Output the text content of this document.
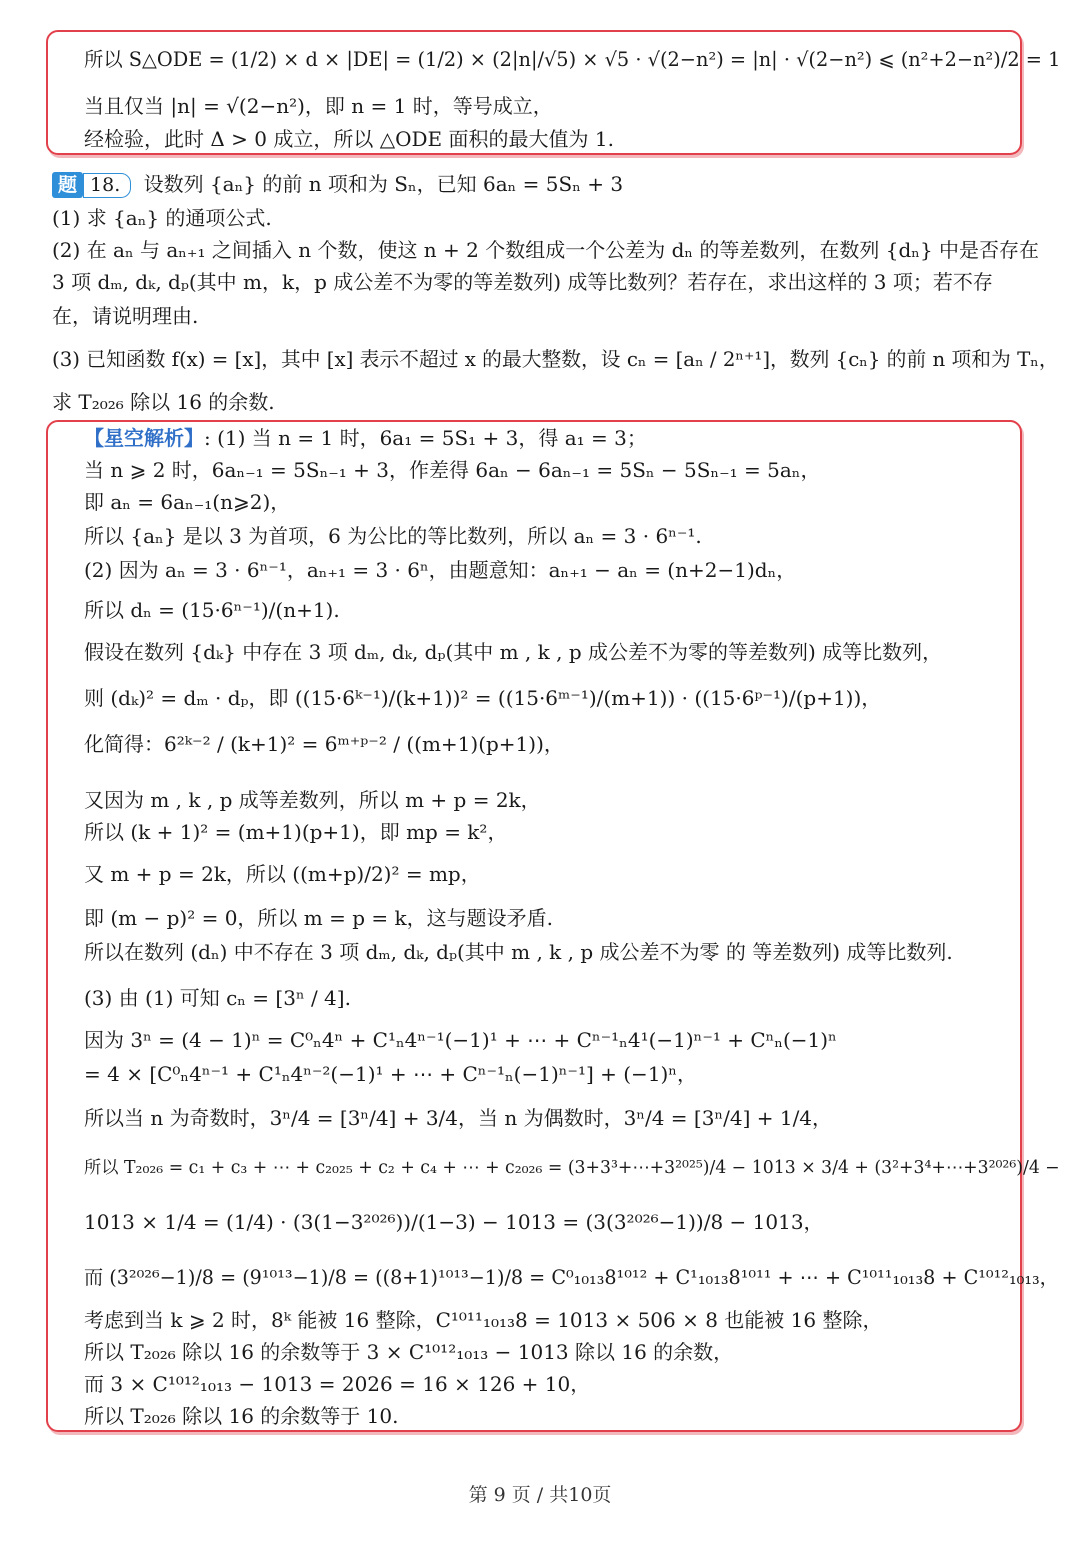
所以 S△ODE = (1/2) × d × |DE| = (1/2) × (2|n|/√5) × √5 · √(2−n²) = |n| · √(2−n²) ⩽ (n²+2−n²)/2 = 1
当且仅当 |n| = √(2−n²)，即 n = 1 时，等号成立，
经检验，此时 Δ > 0 成立，所以 △ODE 面积的最大值为 1.
题 18. 设数列 {aₙ} 的前 n 项和为 Sₙ，已知 6aₙ = 5Sₙ + 3
(1) 求 {aₙ} 的通项公式.
(2) 在 aₙ 与 aₙ₊₁ 之间插入 n 个数，使这 n + 2 个数组成一个公差为 dₙ 的等差数列，在数列 {dₙ} 中是否存在
3 项 dₘ, dₖ, dₚ(其中 m，k，p 成公差不为零的等差数列) 成等比数列？若存在，求出这样的 3 项；若不存
在，请说明理由.
(3) 已知函数 f(x) = [x]，其中 [x] 表示不超过 x 的最大整数，设 cₙ = [aₙ / 2ⁿ⁺¹]，数列 {cₙ} 的前 n 项和为 Tₙ，
求 T₂₀₂₆ 除以 16 的余数.
【星空解析】: (1) 当 n = 1 时，6a₁ = 5S₁ + 3，得 a₁ = 3；
当 n ⩾ 2 时，6aₙ₋₁ = 5Sₙ₋₁ + 3，作差得 6aₙ − 6aₙ₋₁ = 5Sₙ − 5Sₙ₋₁ = 5aₙ，
即 aₙ = 6aₙ₋₁(n⩾2)，
所以 {aₙ} 是以 3 为首项，6 为公比的等比数列，所以 aₙ = 3 · 6ⁿ⁻¹.
(2) 因为 aₙ = 3 · 6ⁿ⁻¹，aₙ₊₁ = 3 · 6ⁿ，由题意知：aₙ₊₁ − aₙ = (n+2−1)dₙ，
所以 dₙ = (15·6ⁿ⁻¹)/(n+1).
假设在数列 {dₖ} 中存在 3 项 dₘ, dₖ, dₚ(其中 m , k , p 成公差不为零的等差数列) 成等比数列，
则 (dₖ)² = dₘ · dₚ，即 ((15·6ᵏ⁻¹)/(k+1))² = ((15·6ᵐ⁻¹)/(m+1)) · ((15·6ᵖ⁻¹)/(p+1))，
化简得：6²ᵏ⁻² / (k+1)² = 6ᵐ⁺ᵖ⁻² / ((m+1)(p+1))，
又因为 m , k , p 成等差数列，所以 m + p = 2k，
所以 (k + 1)² = (m+1)(p+1)，即 mp = k²，
又 m + p = 2k，所以 ((m+p)/2)² = mp，
即 (m − p)² = 0，所以 m = p = k，这与题设矛盾.
所以在数列 (dₙ) 中不存在 3 项 dₘ, dₖ, dₚ(其中 m , k , p 成公差不为零 的 等差数列) 成等比数列.
(3) 由 (1) 可知 cₙ = [3ⁿ / 4].
因为 3ⁿ = (4 − 1)ⁿ = C⁰ₙ4ⁿ + C¹ₙ4ⁿ⁻¹(−1)¹ + ⋯ + Cⁿ⁻¹ₙ4¹(−1)ⁿ⁻¹ + Cⁿₙ(−1)ⁿ
= 4 × [C⁰ₙ4ⁿ⁻¹ + C¹ₙ4ⁿ⁻²(−1)¹ + ⋯ + Cⁿ⁻¹ₙ(−1)ⁿ⁻¹] + (−1)ⁿ，
所以当 n 为奇数时，3ⁿ/4 = [3ⁿ/4] + 3/4，当 n 为偶数时，3ⁿ/4 = [3ⁿ/4] + 1/4，
所以 T₂₀₂₆ = c₁ + c₃ + ⋯ + c₂₀₂₅ + c₂ + c₄ + ⋯ + c₂₀₂₆ = (3+3³+⋯+3²⁰²⁵)/4 − 1013 × 3/4 + (3²+3⁴+⋯+3²⁰²⁶)/4 −
1013 × 1/4 = (1/4) · (3(1−3²⁰²⁶))/(1−3) − 1013 = (3(3²⁰²⁶−1))/8 − 1013，
而 (3²⁰²⁶−1)/8 = (9¹⁰¹³−1)/8 = ((8+1)¹⁰¹³−1)/8 = C⁰₁₀₁₃8¹⁰¹² + C¹₁₀₁₃8¹⁰¹¹ + ⋯ + C¹⁰¹¹₁₀₁₃8 + C¹⁰¹²₁₀₁₃，
考虑到当 k ⩾ 2 时，8ᵏ 能被 16 整除，C¹⁰¹¹₁₀₁₃8 = 1013 × 506 × 8 也能被 16 整除，
所以 T₂₀₂₆ 除以 16 的余数等于 3 × C¹⁰¹²₁₀₁₃ − 1013 除以 16 的余数，
而 3 × C¹⁰¹²₁₀₁₃ − 1013 = 2026 = 16 × 126 + 10，
所以 T₂₀₂₆ 除以 16 的余数等于 10.
第 9 页 / 共10页
